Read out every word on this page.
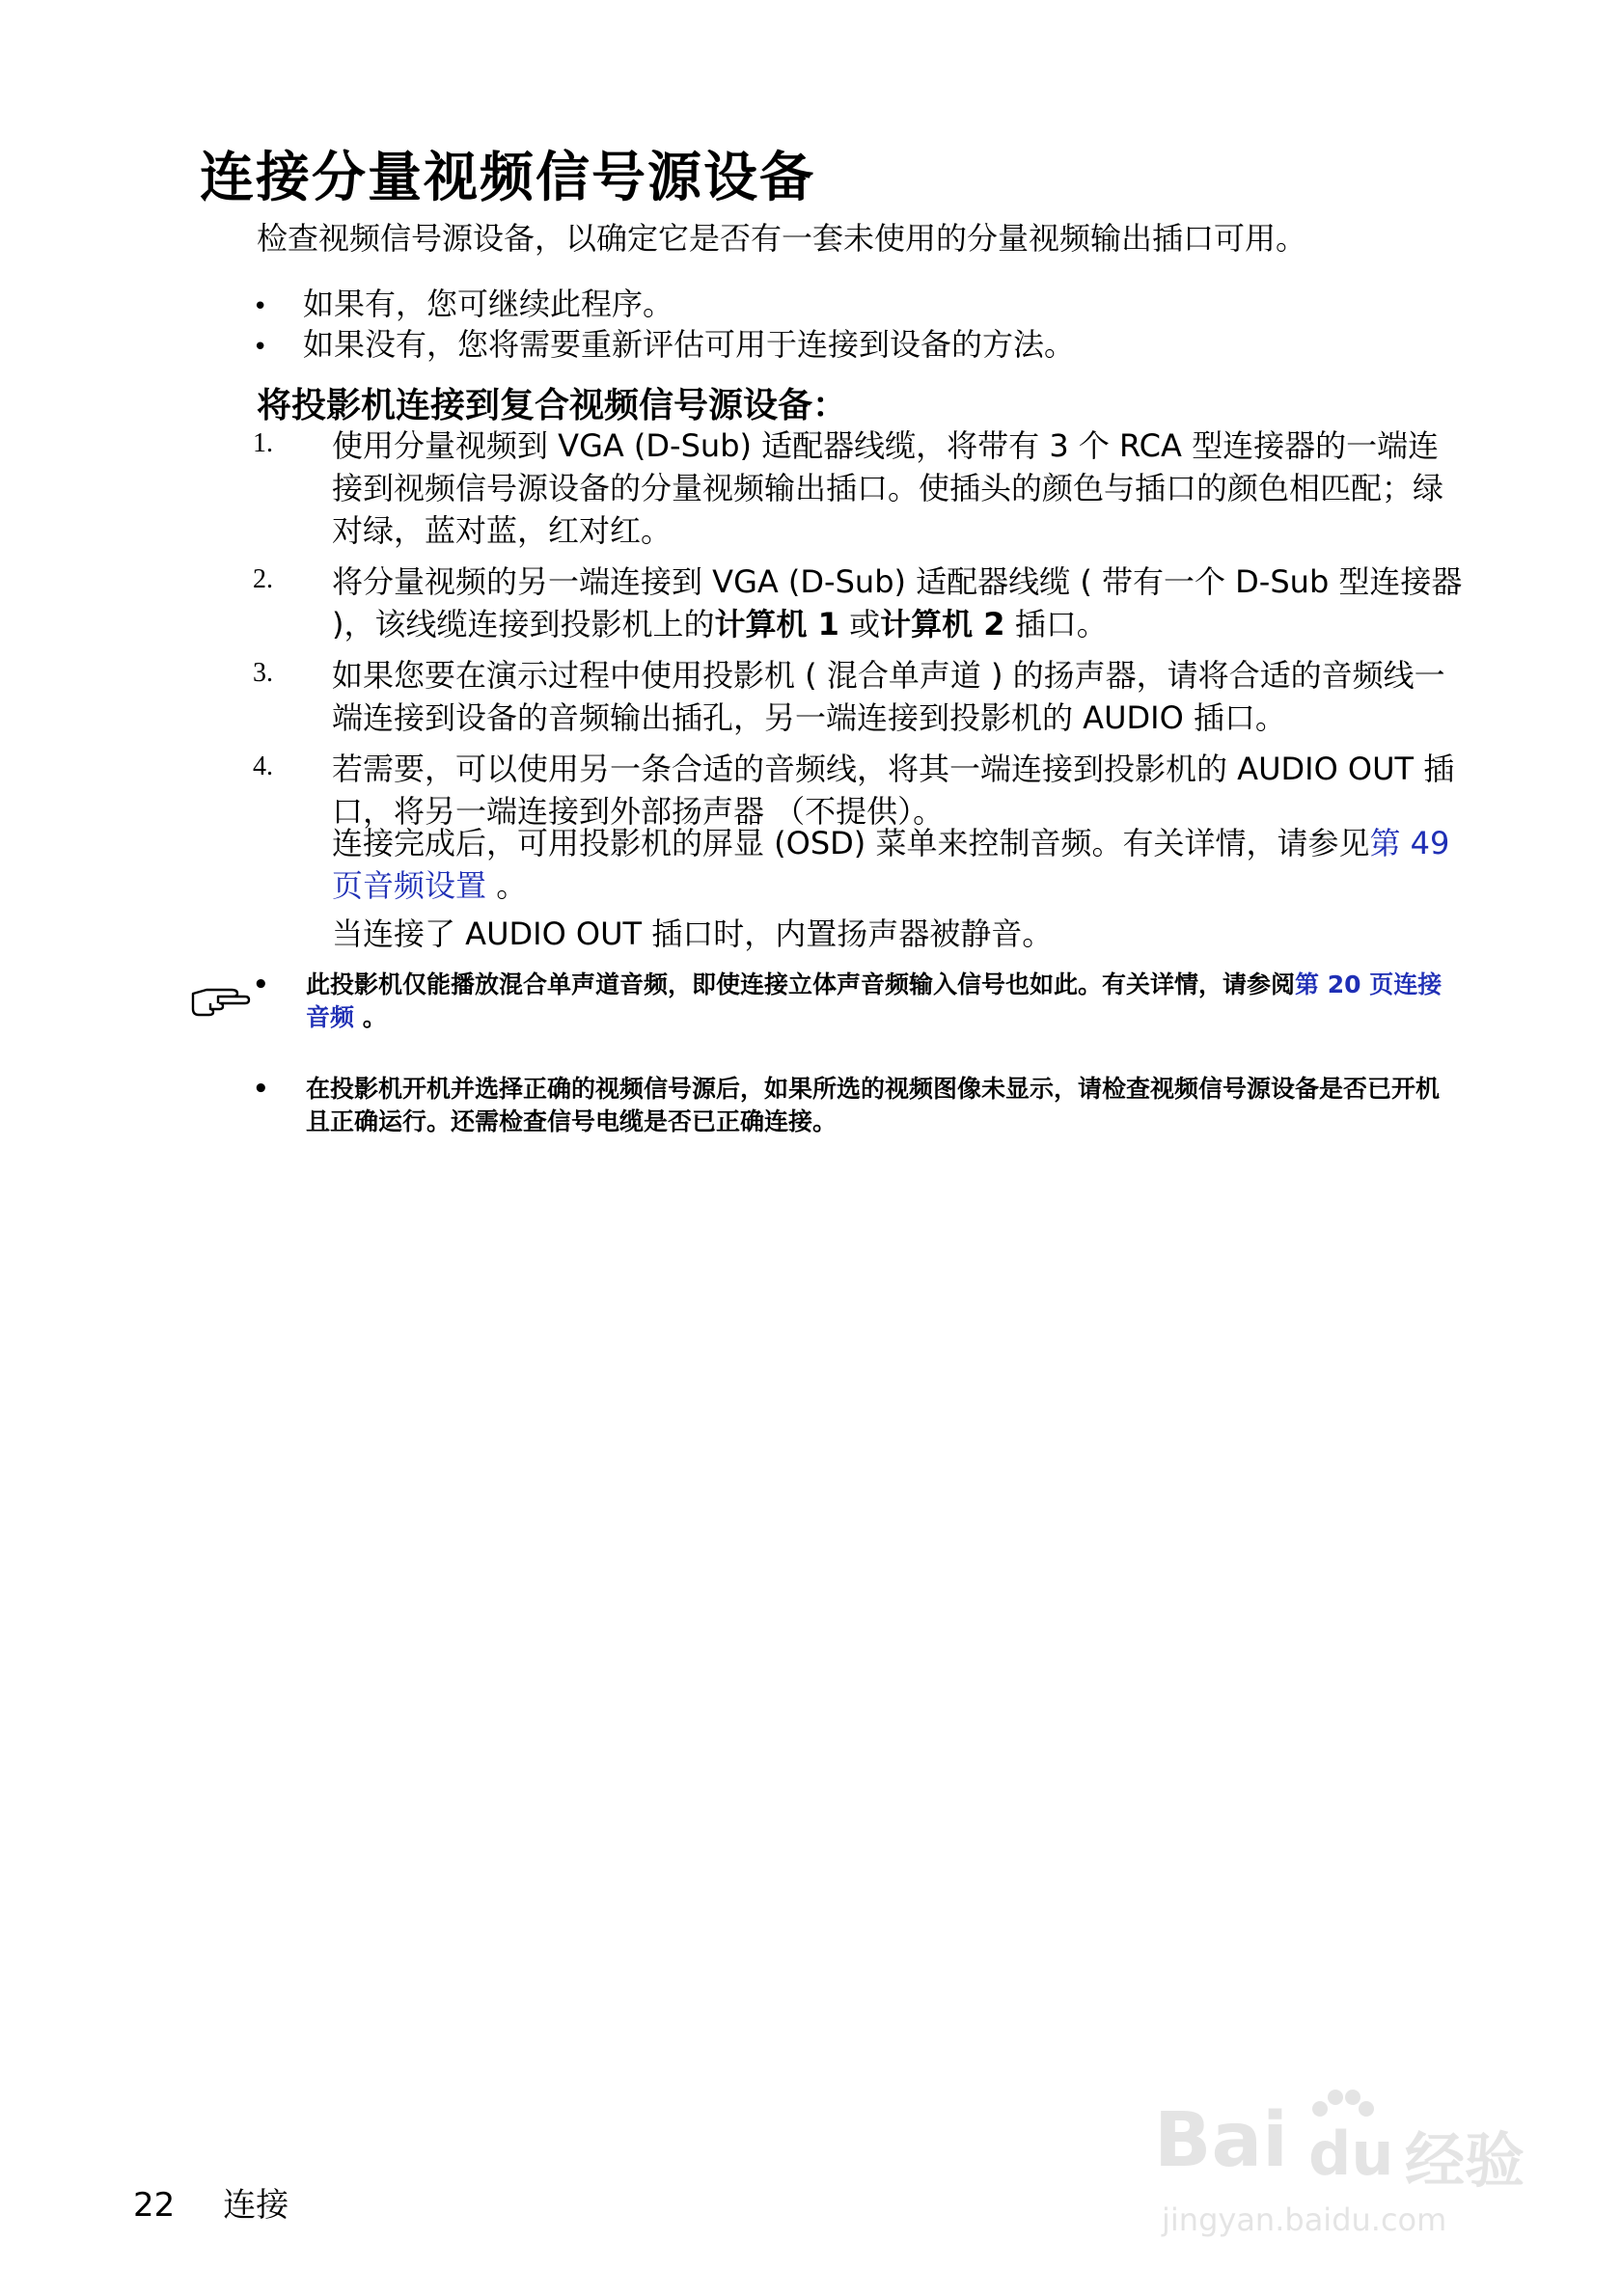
连接分量视频信号源设备
检查视频信号源设备，以确定它是否有一套未使用的分量视频输出插口可用。
• 如果有，您可继续此程序。
• 如果没有，您将需要重新评估可用于连接到设备的方法。
将投影机连接到复合视频信号源设备：
1.	使用分量视频到 VGA (D-Sub) 适配器线缆，将带有 3 个 RCA 型连接器的一端连接到视频信号源设备的分量视频输出插口。使插头的颜色与插口的颜色相匹配；绿对绿，蓝对蓝，红对红。
2.	将分量视频的另一端连接到 VGA (D-Sub) 适配器线缆 ( 带有一个 D-Sub 型连接器 )，该线缆连接到投影机上的计算机 1 或计算机 2 插口。
3.	如果您要在演示过程中使用投影机 ( 混合单声道 ) 的扬声器，请将合适的音频线一端连接到设备的音频输出插孔，另一端连接到投影机的 AUDIO 插口。
4.	若需要，可以使用另一条合适的音频线，将其一端连接到投影机的 AUDIO OUT 插口，将另一端连接到外部扬声器 （不提供）。
连接完成后，可用投影机的屏显 (OSD) 菜单来控制音频。有关详情，请参见第 49 页音频设置 。
当连接了 AUDIO OUT 插口时，内置扬声器被静音。
•	此投影机仅能播放混合单声道音频，即使连接立体声音频输入信号也如此。有关详情，请参阅第 20 页连接音频 。
•	在投影机开机并选择正确的视频信号源后，如果所选的视频图像未显示，请检查视频信号源设备是否已开机且正确运行。还需检查信号电缆是否已正确连接。
22 连接
Bai du 经验
jingyan.baidu.com
